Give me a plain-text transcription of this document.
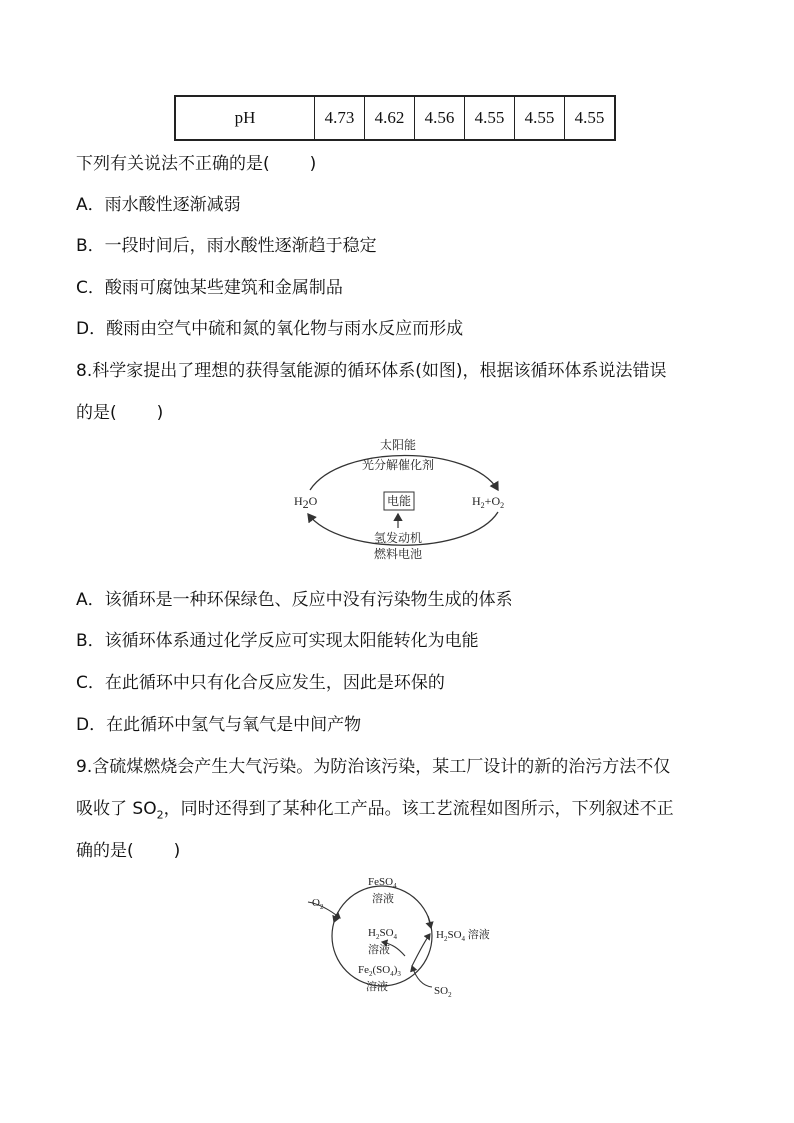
pH	4.73	4.62	4.56	4.55	4.55	4.55
下列有关说法不正确的是( )
A．雨水酸性逐渐减弱
B．一段时间后，雨水酸性逐渐趋于稳定
C．酸雨可腐蚀某些建筑和金属制品
D．酸雨由空气中硫和氮的氧化物与雨水反应而形成
8.科学家提出了理想的获得氢能源的循环体系(如图)，根据该循环体系说法错误
的是( )
太阳能
光分解催化剂
H2O	电能	$H_2+O_2$
氢发动机
燃料电池
A．该循环是一种环保绿色、反应中没有污染物生成的体系
B．该循环体系通过化学反应可实现太阳能转化为电能
C．在此循环中只有化合反应发生，因此是环保的
D．在此循环中氢气与氧气是中间产物
9.含硫煤燃烧会产生大气污染。为防治该污染，某工厂设计的新的治污方法不仅
吸收了 $SO_2$，同时还得到了某种化工产品。该工艺流程如图所示，下列叙述不正
确的是( )
FeSO$_4$
溶液
$O_2$
$H_2SO_4$
溶液
$H_2SO_4$ 溶液
$Fe_2(SO_4)_3$
溶液	$SO_2$
